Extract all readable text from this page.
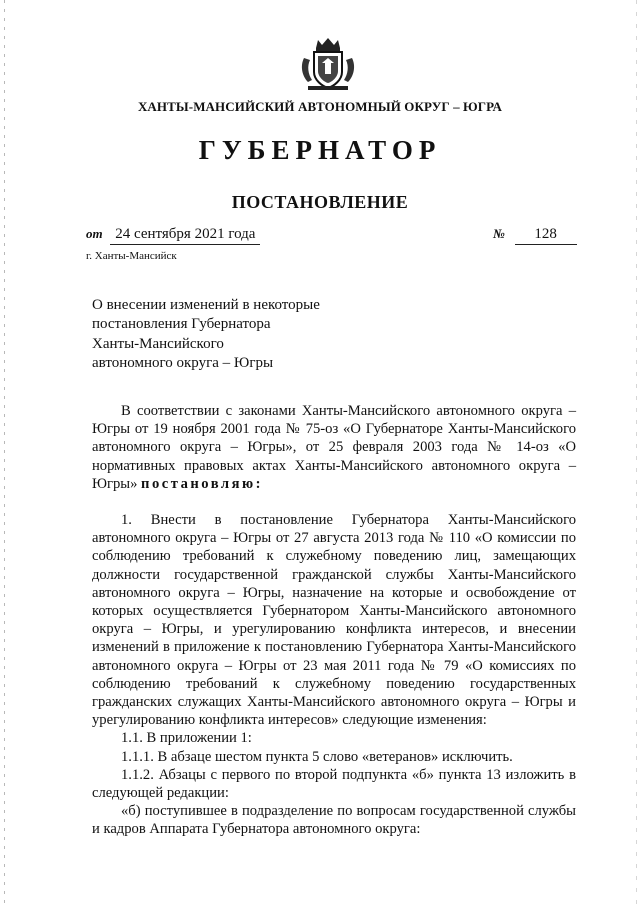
ХАНТЫ-МАНСИЙСКИЙ АВТОНОМНЫЙ ОКРУГ – ЮГРА
ГУБЕРНАТОР
ПОСТАНОВЛЕНИЕ
от 24 сентября 2021 года	№ 128
г. Ханты-Мансийск
О внесении изменений в некоторые
постановления Губернатора
Ханты-Мансийского
автономного округа – Югры

В соответствии с законами Ханты-Мансийского автономного округа – Югры от 19 ноября 2001 года № 75-оз «О Губернаторе Ханты-Мансийского автономного округа – Югры», от 25 февраля 2003 года № 14-оз «О нормативных правовых актах Ханты-Мансийского автономного округа – Югры» постановляю:

1. Внести в постановление Губернатора Ханты-Мансийского автономного округа – Югры от 27 августа 2013 года № 110 «О комиссии по соблюдению требований к служебному поведению лиц, замещающих должности государственной гражданской службы Ханты-Мансийского автономного округа – Югры, назначение на которые и освобождение от которых осуществляется Губернатором Ханты-Мансийского автономного округа – Югры, и урегулированию конфликта интересов, и внесении изменений в приложение к постановлению Губернатора Ханты-Мансийского автономного округа – Югры от 23 мая 2011 года № 79 «О комиссиях по соблюдению требований к служебному поведению государственных гражданских служащих Ханты-Мансийского автономного округа – Югры и урегулированию конфликта интересов» следующие изменения:

1.1. В приложении 1:

1.1.1. В абзаце шестом пункта 5 слово «ветеранов» исключить.

1.1.2. Абзацы с первого по второй подпункта «б» пункта 13 изложить в следующей редакции:

«б) поступившее в подразделение по вопросам государственной службы и кадров Аппарата Губернатора автономного округа:
